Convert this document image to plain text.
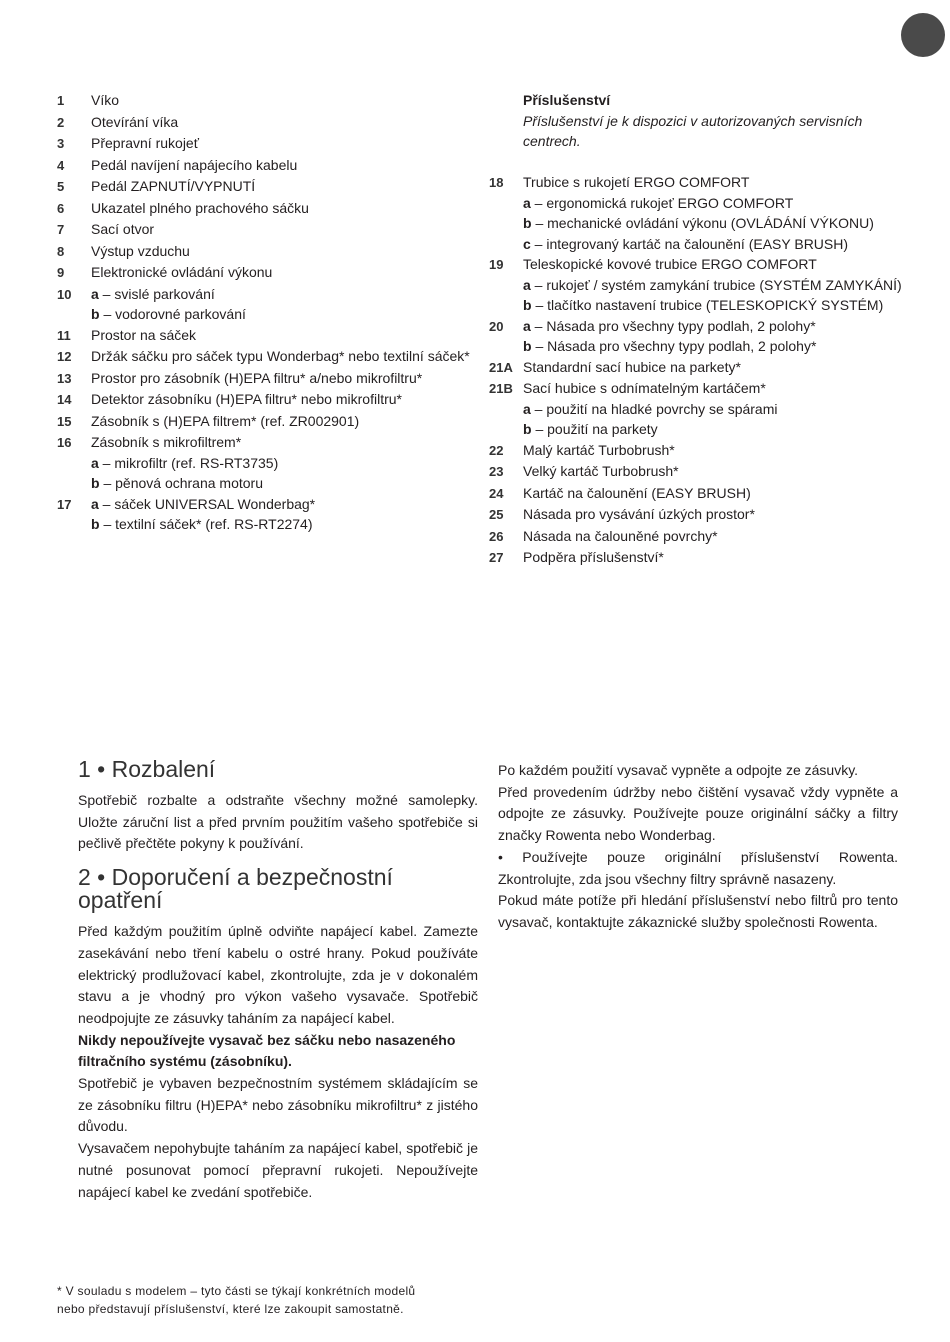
1	Víko
2	Otevírání víka
3	Přepravní rukojeť
4	Pedál navíjení napájecího kabelu
5	Pedál ZAPNUTÍ/VYPNUTÍ
6	Ukazatel plného prachového sáčku
7	Sací otvor
8	Výstup vzduchu
9	Elektronické ovládání výkonu
10	a – svislé parkování
b – vodorovné parkování
11	Prostor na sáček
12	Držák sáčku pro sáček typu Wonderbag* nebo textilní sáček*
13	Prostor pro zásobník (H)EPA filtru* a/nebo mikrofiltru*
14	Detektor zásobníku (H)EPA filtru* nebo mikrofiltru*
15	Zásobník s (H)EPA filtrem* (ref. ZR002901)
16	Zásobník s mikrofiltrem*
a – mikrofiltr (ref. RS-RT3735)
b – pěnová ochrana motoru
17	a – sáček UNIVERSAL Wonderbag*
b – textilní sáček* (ref. RS-RT2274)
Příslušenství
Příslušenství je k dispozici v autorizovaných servisních centrech.
18	Trubice s rukojetí ERGO COMFORT
a – ergonomická rukojeť ERGO COMFORT
b – mechanické ovládání výkonu (OVLÁDÁNÍ VÝKONU)
c – integrovaný kartáč na čalounění (EASY BRUSH)
19	Teleskopické kovové trubice ERGO COMFORT
a – rukojeť / systém zamykání trubice (SYSTÉM ZAMYKÁNÍ)
b – tlačítko nastavení trubice (TELESKOPICKÝ SYSTÉM)
20	a – Násada pro všechny typy podlah, 2 polohy*
b – Násada pro všechny typy podlah, 2 polohy*
21A Standardní sací hubice na parkety*
21B Sací hubice s odnímatelným kartáčem*
a – použití na hladké povrchy se spárami
b – použití na parkety
22	Malý kartáč Turbobrush*
23	Velký kartáč Turbobrush*
24	Kartáč na čalounění (EASY BRUSH)
25	Násada pro vysávání úzkých prostor*
26	Násada na čalouněné povrchy*
27	Podpěra příslušenství*
1 • Rozbalení

Spotřebič rozbalte a odstraňte všechny možné samolepky. Uložte záruční list a před prvním použitím vašeho spotřebiče si pečlivě přečtěte pokyny k používání.

2 • Doporučení a bezpečnostní opatření

Před každým použitím úplně odviňte napájecí kabel. Zamezte zasekávání nebo tření kabelu o ostré hrany. Pokud používáte elektrický prodlužovací kabel, zkontrolujte, zda je v dokonalém stavu a je vhodný pro výkon vašeho vysavače. Spotřebič neodpojujte ze zásuvky taháním za napájecí kabel.

Nikdy nepoužívejte vysavač bez sáčku nebo nasazeného filtračního systému (zásobníku).

Spotřebič je vybaven bezpečnostním systémem skládajícím se ze zásobníku filtru (H)EPA* nebo zásobníku mikrofiltru* z jistého důvodu.

Vysavačem nepohybujte taháním za napájecí kabel, spotřebič je nutné posunovat pomocí přepravní rukojeti. Nepoužívejte napájecí kabel ke zvedání spotřebiče.

Po každém použití vysavač vypněte a odpojte ze zásuvky.

Před provedením údržby nebo čištění vysavač vždy vypněte a odpojte ze zásuvky. Používejte pouze originální sáčky a filtry značky Rowenta nebo Wonderbag.

• Používejte pouze originální příslušenství Rowenta. Zkontrolujte, zda jsou všechny filtry správně nasazeny.

Pokud máte potíže při hledání příslušenství nebo filtrů pro tento vysavač, kontaktujte zákaznické služby společnosti Rowenta.

* V souladu s modelem – tyto části se týkají konkrétních modelů nebo představují příslušenství, které lze zakoupit samostatně.
